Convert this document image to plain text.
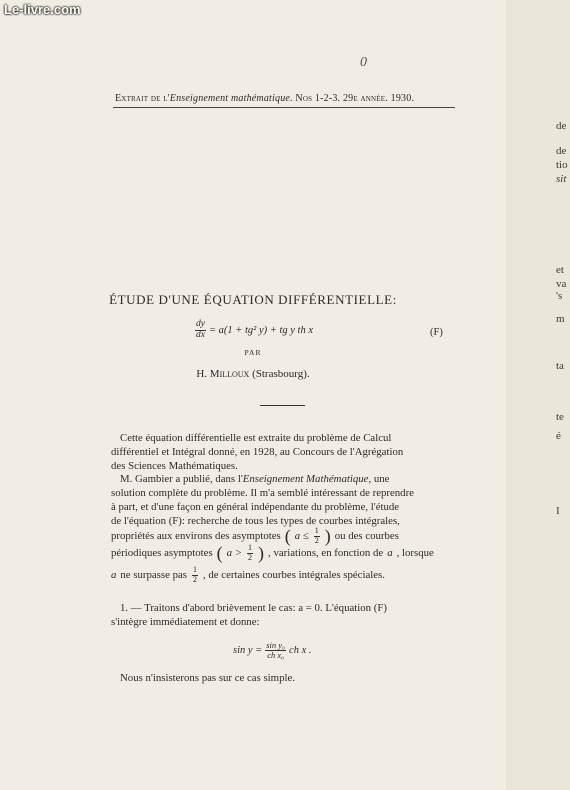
Le-livre.com
0
Extrait de l'Enseignement mathématique. Nos 1-2-3. 29e année. 1930.
ÉTUDE D'UNE ÉQUATION DIFFÉRENTIELLE:
$\frac{dy}{dx} = a(1 + tg^2$ y) + tg y th x	(F)
PAR
H. Milloux (Strasbourg).
Cette équation différentielle est extraite du problème de Calcul
différentiel et Intégral donné, en 1928, au Concours de l'Agrégation
des Sciences Mathématiques.
M. Gambier a publié, dans l'Enseignement Mathématique, une
solution complète du problème. Il m'a semblé intéressant de reprendre
à part, et d'une façon en général indépendante du problème, l'étude
de l'équation (F): recherche de tous les types de courbes intégrales,
propriétés aux environs des asymptotes ( $a \le \frac{1}{2}$ ) ou des courbes
périodiques asymptotes ( $a > \frac{1}{2}$ ) , variations, en fonction de a , lorsque
a ne surpasse pas $\frac{1}{2}$ , de certaines courbes intégrales spéciales.
1. — Traitons d'abord brièvement le cas: a = 0. L'équation (F)
s'intègre immédiatement et donne:
$\sin y = \frac{\text{sin y₀}}{\text{ch x₀}}$ ch x .
Nous n'insisterons pas sur ce cas simple.
de
de
tio
sit
et
va
's
m
ta
te
é
I
